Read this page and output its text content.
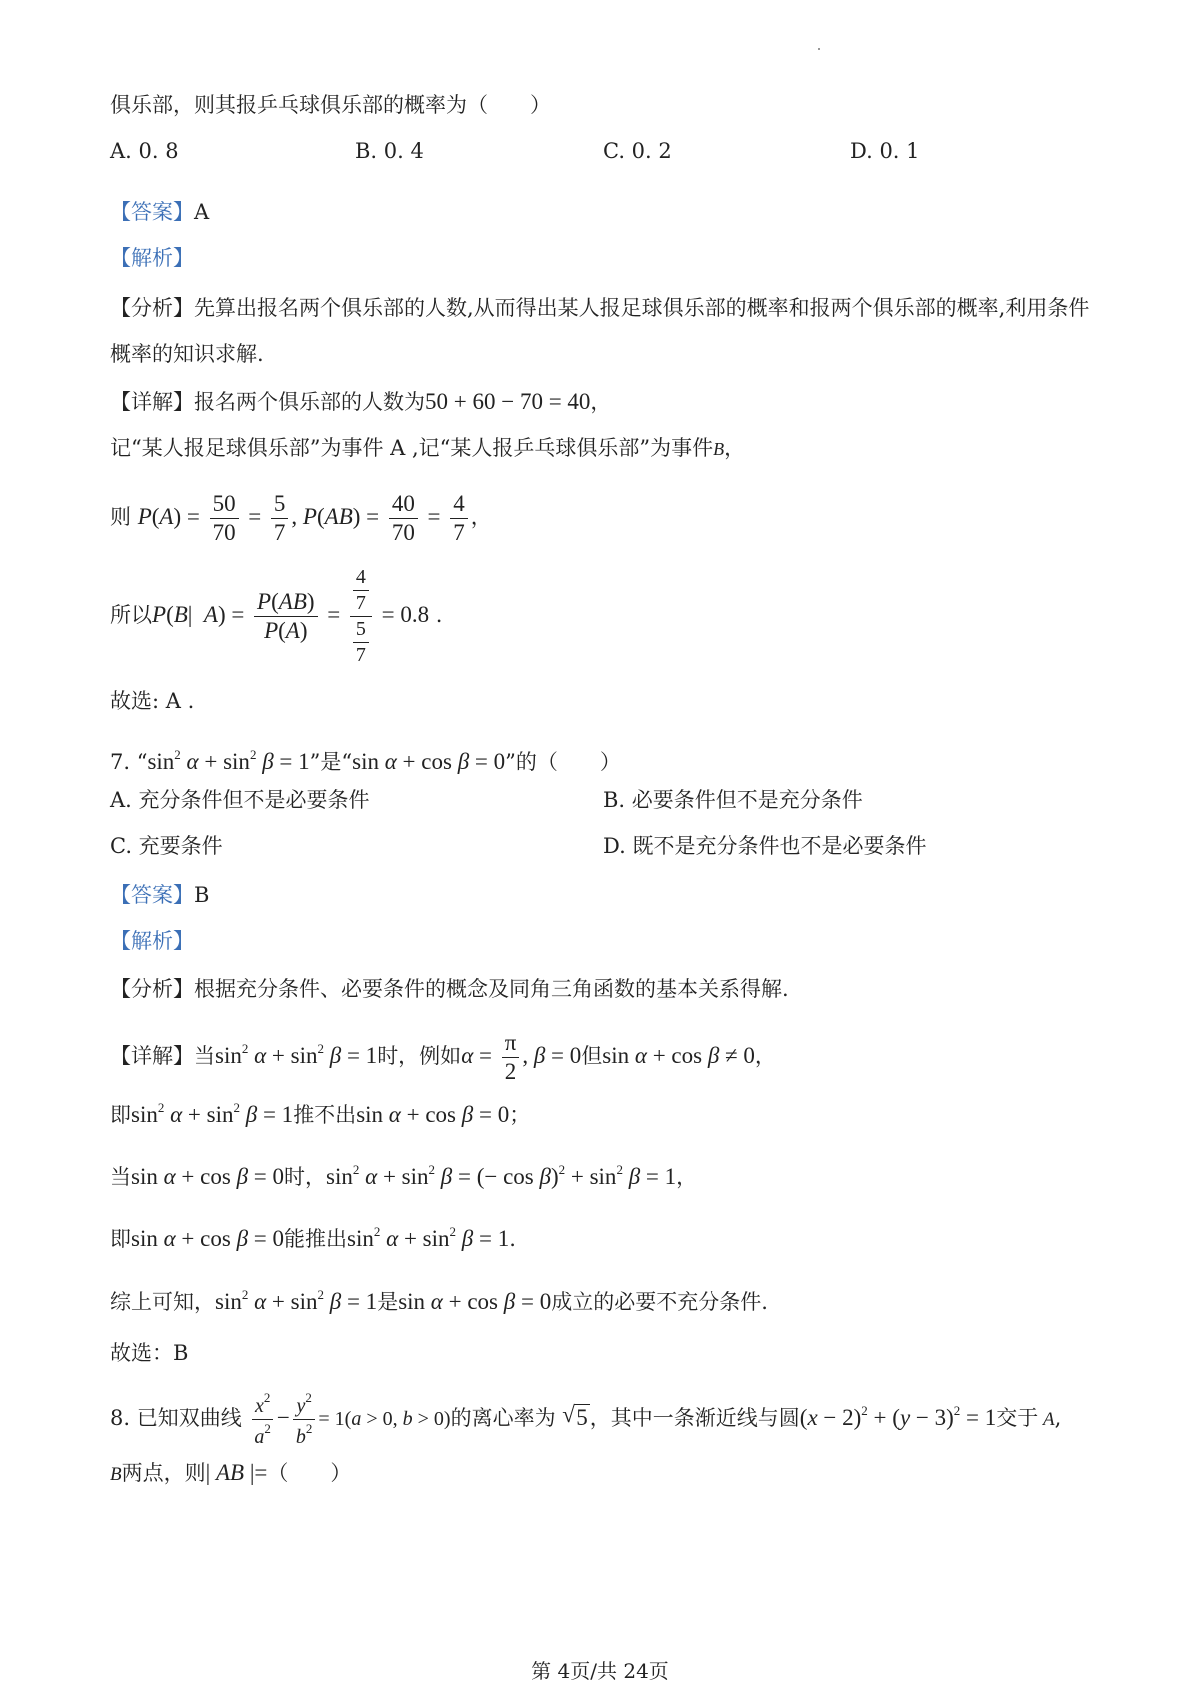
俱乐部，则其报乒乓球俱乐部的概率为（　　）
A. 0. 8	B. 0. 4	C. 0. 2	D. 0. 1
【答案】A
【解析】
【分析】先算出报名两个俱乐部的人数,从而得出某人报足球俱乐部的概率和报两个俱乐部的概率,利用条件
概率的知识求解.
【详解】报名两个俱乐部的人数为50 + 60 − 70 = 40，
记“某人报足球俱乐部”为事件 A ,记“某人报乒乓球俱乐部”为事件B，
则 $P(A) = \frac{50}{70} = \frac{5}{7}$ , $P(AB) = \frac{40}{70} = \frac{4}{7}$ ，
所以P(B|  $A) = \frac{P(AB)}{P(A)} = \frac{\frac{4}{7}}{\frac{5}{7}} = 0.8$ .
故选: A .
7. “$\sin^2$ $\alpha + \sin^2 \beta = 1$”是“sin α + cos β = 0”的（　　）
A. 充分条件但不是必要条件	B. 必要条件但不是充分条件
C. 充要条件	D. 既不是充分条件也不是必要条件
【答案】B
【解析】
【分析】根据充分条件、必要条件的概念及同角三角函数的基本关系得解.
【详解】当$\sin^2 \alpha + \sin^2 \beta = 1$时，例如$\alpha = \frac{\pi}{2}$ , β = 0但sin α + cos β ≠ 0，
即$\sin^2 \alpha + \sin^2 \beta = 1$推不出sin α + cos β = 0；
当sin α + cos β = 0时，$\sin^2 \alpha + \sin^2 \beta$ = (− $\cos \beta)^2 + \sin^2 \beta = 1$，
即sin α + cos β = 0能推出$\sin^2 \alpha + \sin^2 \beta = 1$.
综上可知，$\sin^2 \alpha + \sin^2 \beta = 1$是sin α + cos β = 0成立的必要不充分条件.
故选：B
8. 已知双曲线 $\frac{x^2}{a^2} - \frac{y^2}{b^2} = 1(a > 0$, b > 0)的离心率为 √ 5，其中一条渐近线与圆$(x - 2)^2 + (y - 3)^2 = 1$交于 A,
B两点，则| AB |=（　　）
第 4页/共 24页
